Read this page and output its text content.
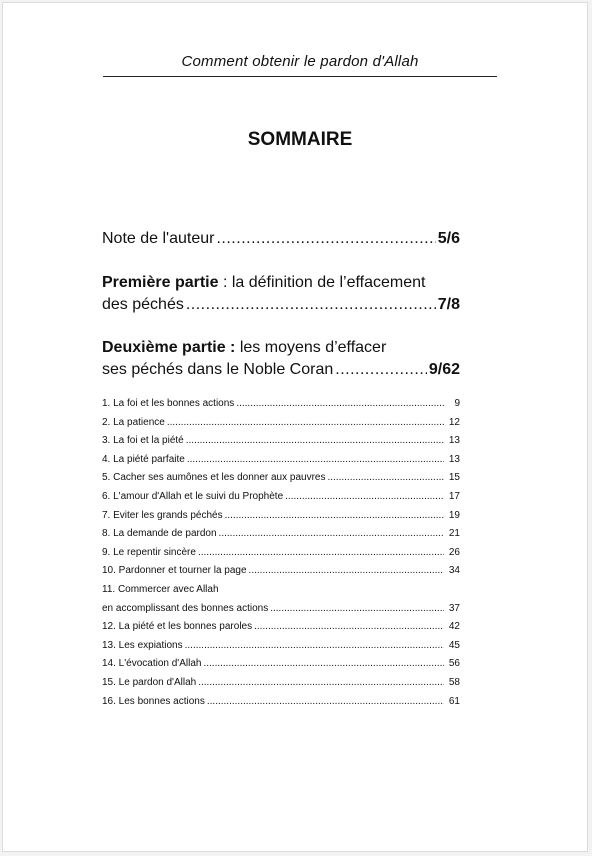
Comment obtenir le pardon d'Allah
SOMMAIRE
Note de l'auteur .....	5/6
Première partie : la définition de l’effacement
des péchés .....	7/8
Deuxième partie : les moyens d’effacer
ses péchés dans le Noble Coran .....	9/62
1. La foi et les bonnes actions .....	9
2. La patience .....	12
3. La foi et la piété .....	13
4. La piété parfaite .....	13
5. Cacher ses aumônes et les donner aux pauvres .....	15
6. L'amour d'Allah et le suivi du Prophète .....	17
7. Eviter les grands péchés .....	19
8. La demande de pardon .....	21
9. Le repentir sincère .....	26
10. Pardonner et tourner la page .....	34
11. Commercer avec Allah
en accomplissant des bonnes actions .....	37
12. La piété et les bonnes paroles .....	42
13. Les expiations .....	45
14. L'évocation d'Allah .....	56
15. Le pardon d'Allah .....	58
16. Les bonnes actions .....	61
